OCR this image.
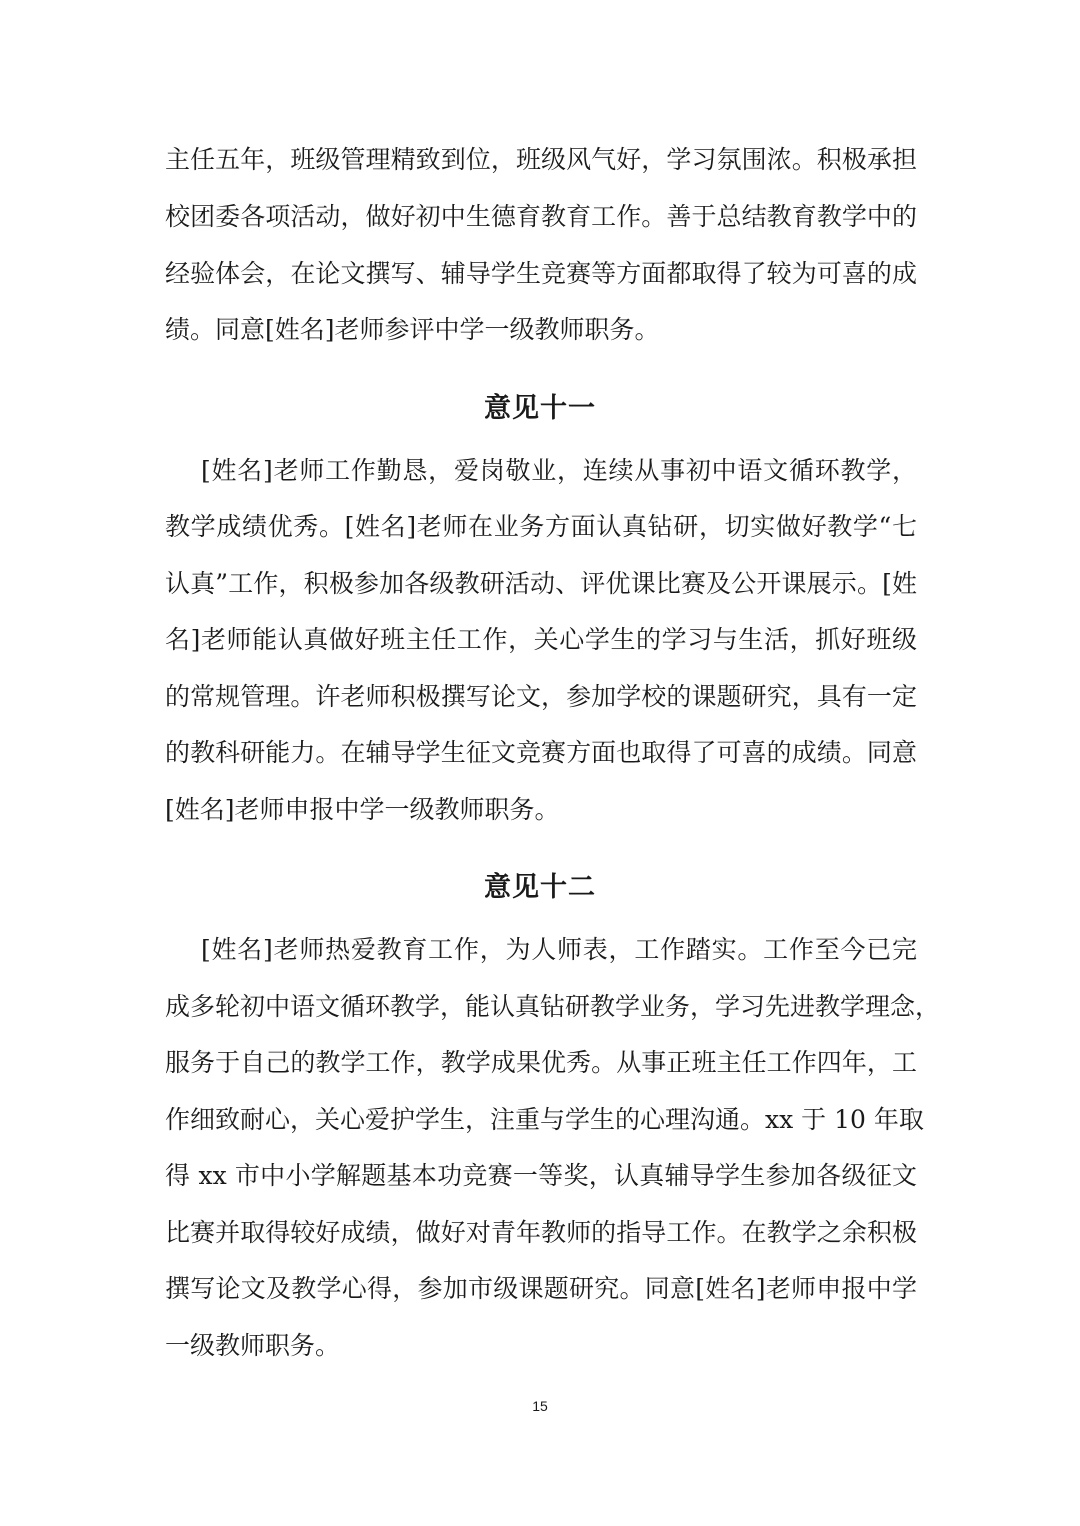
主任五年，班级管理精致到位，班级风气好，学习氛围浓。积极承担
校团委各项活动，做好初中生德育教育工作。善于总结教育教学中的
经验体会，在论文撰写、辅导学生竞赛等方面都取得了较为可喜的成
绩。同意[姓名]老师参评中学一级教师职务。
意见十一
[姓名]老师工作勤恳，爱岗敬业，连续从事初中语文循环教学，
教学成绩优秀。[姓名]老师在业务方面认真钻研，切实做好教学“七
认真”工作，积极参加各级教研活动、评优课比赛及公开课展示。[姓
名]老师能认真做好班主任工作，关心学生的学习与生活，抓好班级
的常规管理。许老师积极撰写论文，参加学校的课题研究，具有一定
的教科研能力。在辅导学生征文竞赛方面也取得了可喜的成绩。同意
[姓名]老师申报中学一级教师职务。
意见十二
[姓名]老师热爱教育工作，为人师表，工作踏实。工作至今已完
成多轮初中语文循环教学，能认真钻研教学业务，学习先进教学理念，
服务于自己的教学工作，教学成果优秀。从事正班主任工作四年，工
作细致耐心，关心爱护学生，注重与学生的心理沟通。xx 于 10 年取
得 xx 市中小学解题基本功竞赛一等奖，认真辅导学生参加各级征文
比赛并取得较好成绩，做好对青年教师的指导工作。在教学之余积极
撰写论文及教学心得，参加市级课题研究。同意[姓名]老师申报中学
一级教师职务。
15
